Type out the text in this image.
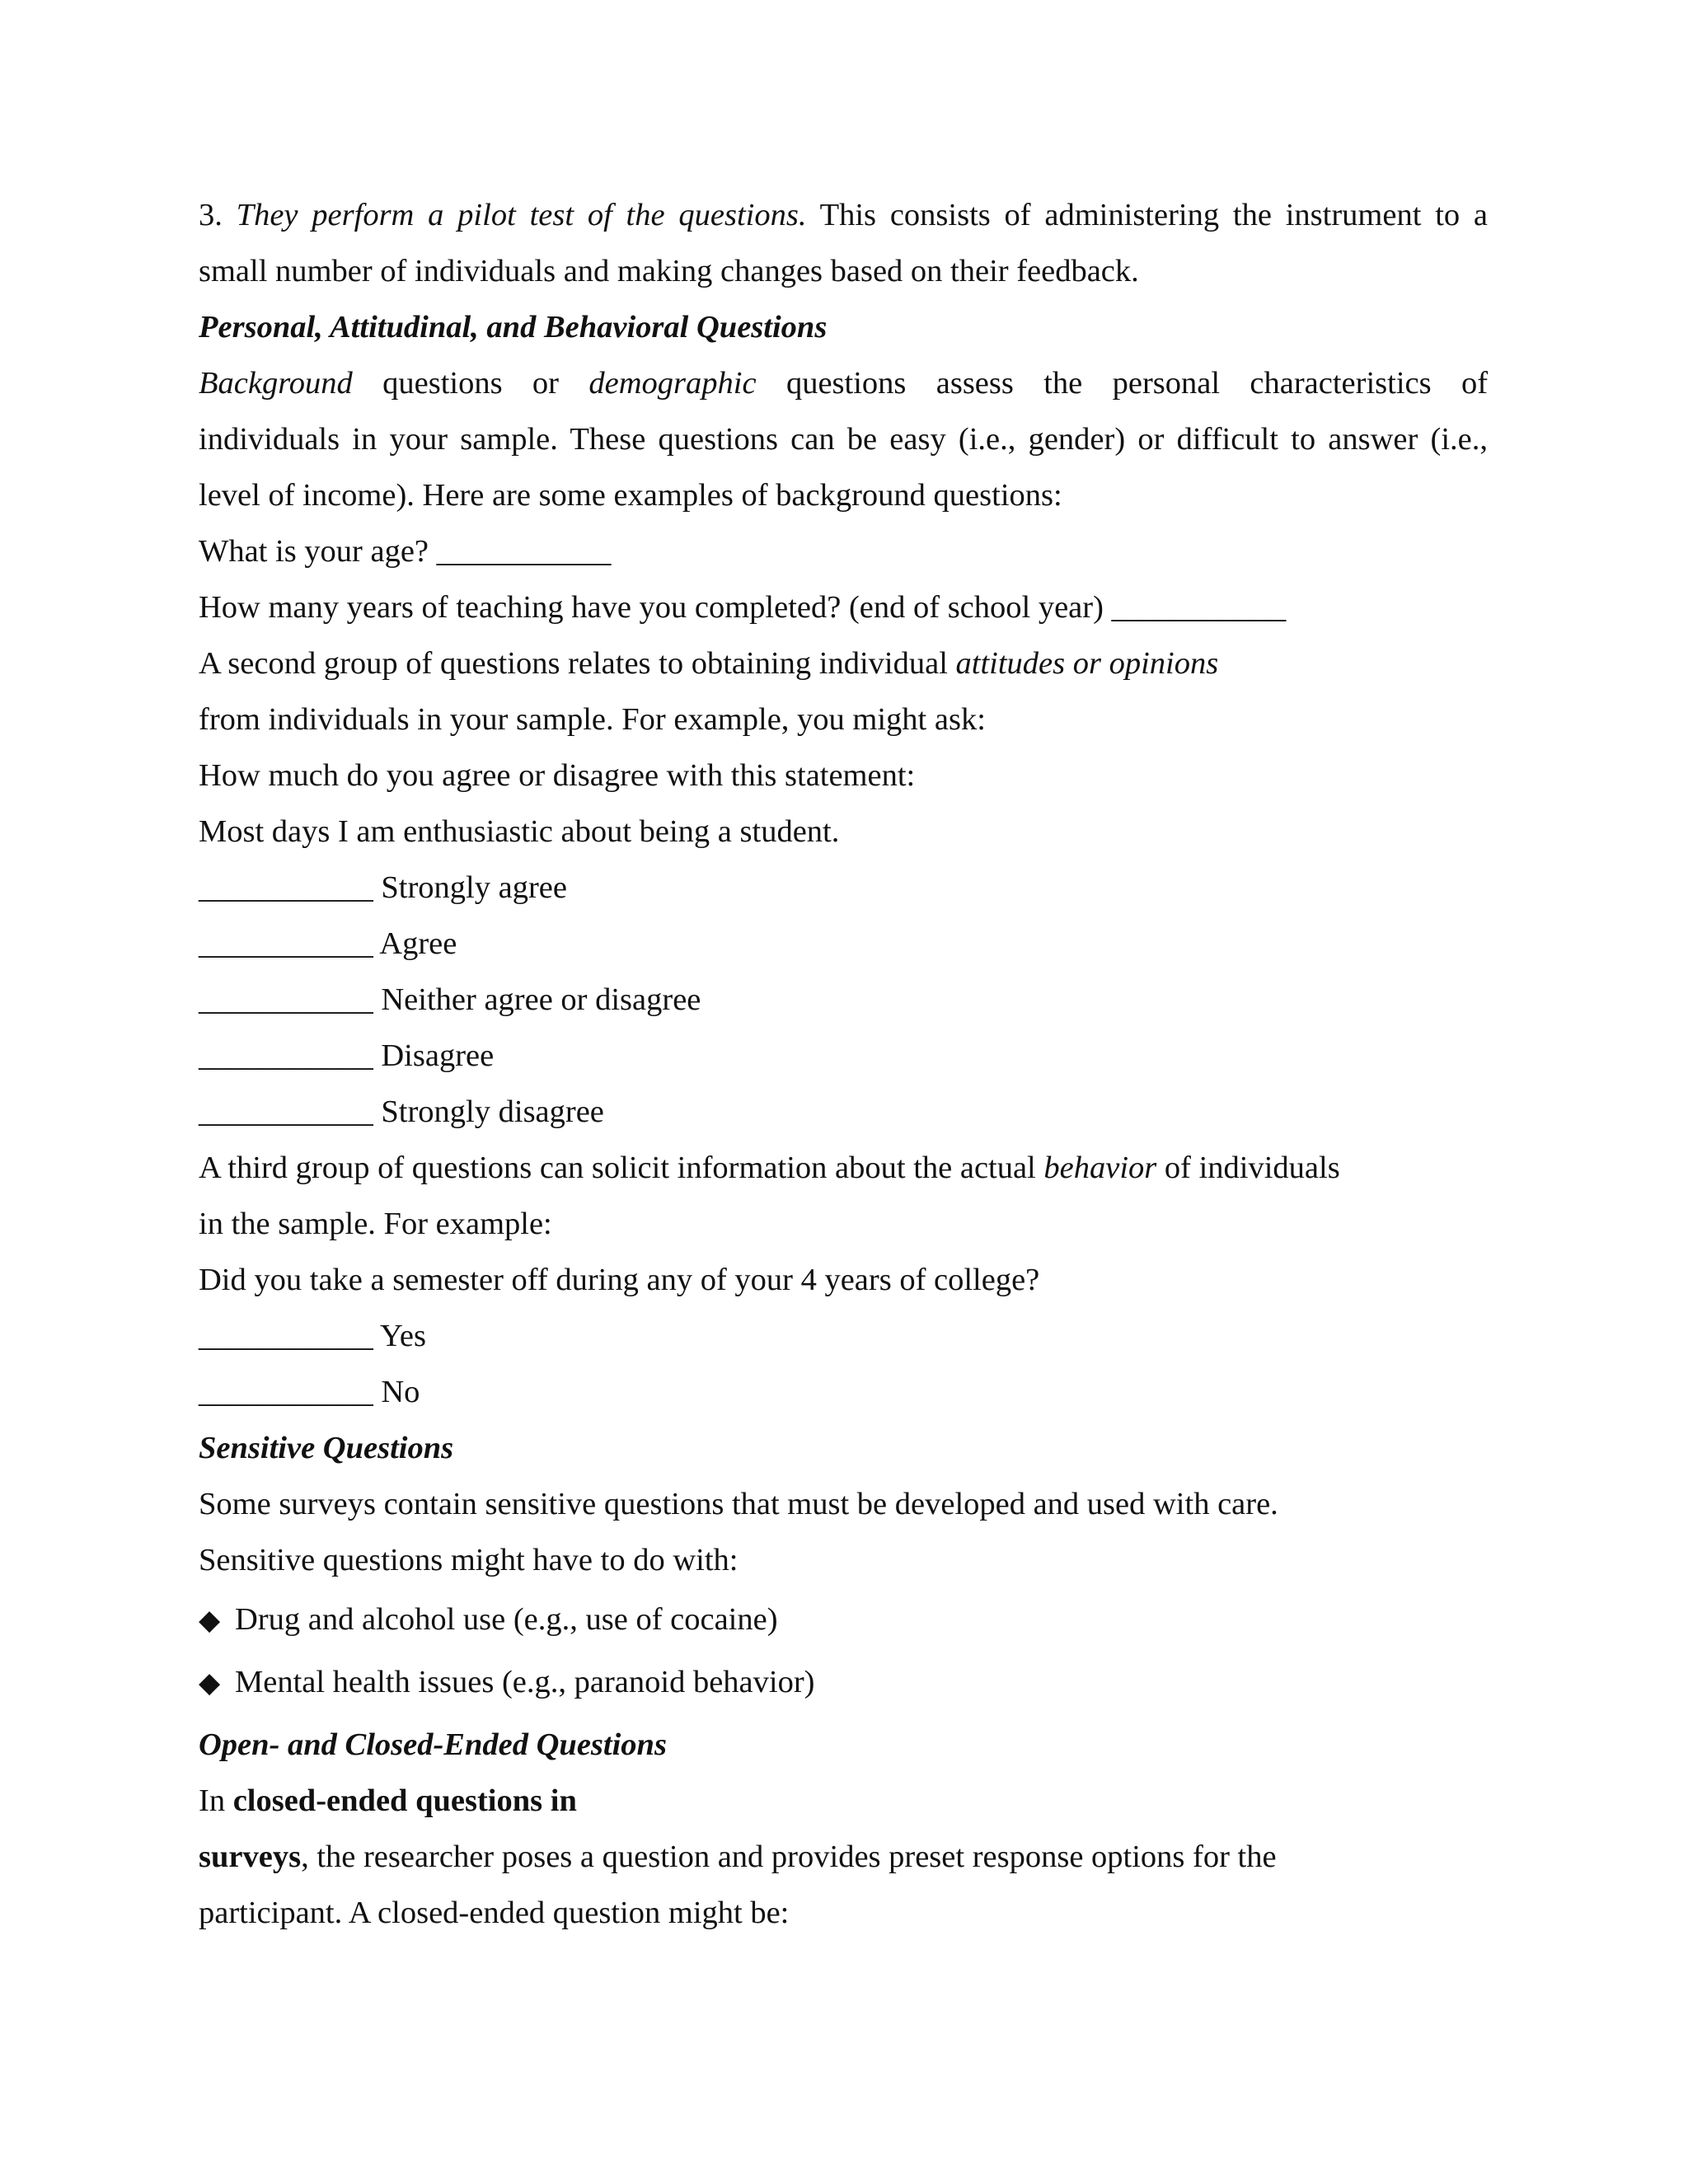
3. They perform a pilot test of the questions. This consists of administering the instrument to a

small number of individuals and making changes based on their feedback.

Personal, Attitudinal, and Behavioral Questions

Background questions or demographic questions assess the personal characteristics of

individuals in your sample. These questions can be easy (i.e., gender) or difficult to answer (i.e.,

level of income). Here are some examples of background questions:

What is your age? ___________

How many years of teaching have you completed? (end of school year) ___________

A second group of questions relates to obtaining individual attitudes or opinions

from individuals in your sample. For example, you might ask:

How much do you agree or disagree with this statement:

Most days I am enthusiastic about being a student.

___________ Strongly agree

___________ Agree

___________ Neither agree or disagree

___________ Disagree

___________ Strongly disagree

A third group of questions can solicit information about the actual behavior of individuals

in the sample. For example:

Did you take a semester off during any of your 4 years of college?

___________ Yes

___________ No

Sensitive Questions

Some surveys contain sensitive questions that must be developed and used with care.

Sensitive questions might have to do with:

◆ Drug and alcohol use (e.g., use of cocaine)

◆ Mental health issues (e.g., paranoid behavior)

Open- and Closed-Ended Questions

In closed-ended questions in

surveys, the researcher poses a question and provides preset response options for the

participant. A closed-ended question might be:
